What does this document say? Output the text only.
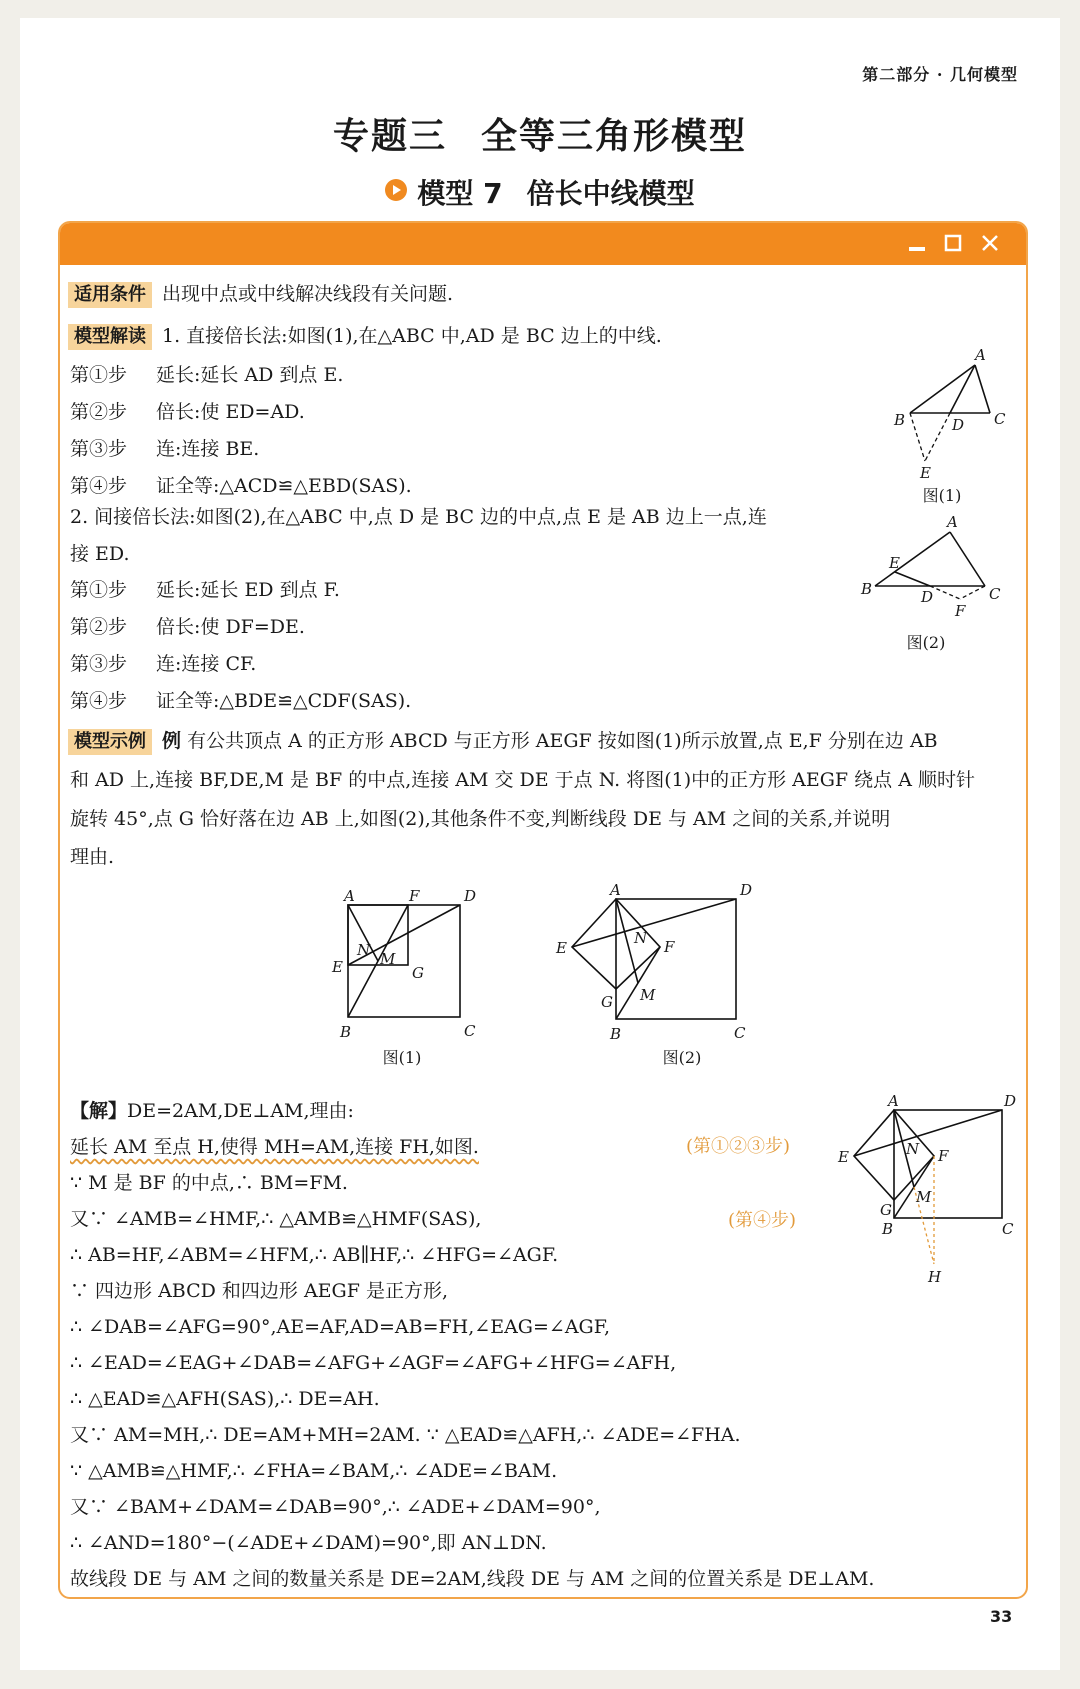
第二部分 · 几何模型
专题三 全等三角形模型
模型 7 倍长中线模型
适用条件 出现中点或中线解决线段有关问题.
模型解读 1. 直接倍长法:如图(1),在△ABC 中,AD 是 BC 边上的中线.
第①步 延长:延长 AD 到点 E.
第②步 倍长:使 ED=AD.
第③步 连:连接 BE.
第④步 证全等:△ACD≌△EBD(SAS).
2. 间接倍长法:如图(2),在△ABC 中,点 D 是 BC 边的中点,点 E 是 AB 边上一点,连
接 ED.
第①步 延长:延长 ED 到点 F.
第②步 倍长:使 DF=DE.
第③步 连:连接 CF.
第④步 证全等:△BDE≌△CDF(SAS).
A
B	C
D
E
图(1)
A
B	C
D
E
F
图(2)
模型示例 例 有公共顶点 A 的正方形 ABCD 与正方形 AEGF 按如图(1)所示放置,点 E,F 分别在边 AB
和 AD 上,连接 BF,DE,M 是 BF 的中点,连接 AM 交 DE 于点 N. 将图(1)中的正方形 AEGF 绕点 A 顺时针
旋转 45°,点 G 恰好落在边 AB 上,如图(2),其他条件不变,判断线段 DE 与 AM 之间的关系,并说明
理由.
A	F	D
E
N M
G
B	C
图(1)
A	D
E
N F
G M
B	C
图(2)
【解】DE=2AM,DE⊥AM,理由:
延长 AM 至点 H,使得 MH=AM,连接 FH,如图.
∵ M 是 BF 的中点,∴ BM=FM.
又∵ ∠AMB=∠HMF,∴ △AMB≌△HMF(SAS),
∴ AB=HF,∠ABM=∠HFM,∴ AB∥HF,∴ ∠HFG=∠AGF.
∵ 四边形 ABCD 和四边形 AEGF 是正方形,
∴ ∠DAB=∠AFG=90°,AE=AF,AD=AB=FH,∠EAG=∠AGF,
∴ ∠EAD=∠EAG+∠DAB=∠AFG+∠AGF=∠AFG+∠HFG=∠AFH,
∴ △EAD≌△AFH(SAS),∴ DE=AH.
又∵ AM=MH,∴ DE=AM+MH=2AM. ∵ △EAD≌△AFH,∴ ∠ADE=∠FHA.
∵ △AMB≌△HMF,∴ ∠FHA=∠BAM,∴ ∠ADE=∠BAM.
又∵ ∠BAM+∠DAM=∠DAB=90°,∴ ∠ADE+∠DAM=90°,
∴ ∠AND=180°−(∠ADE+∠DAM)=90°,即 AN⊥DN.
故线段 DE 与 AM 之间的数量关系是 DE=2AM,线段 DE 与 AM 之间的位置关系是 DE⊥AM.
(第①②③步)
(第④步)
A	D
E	N F
G
M
B	C
H
33
